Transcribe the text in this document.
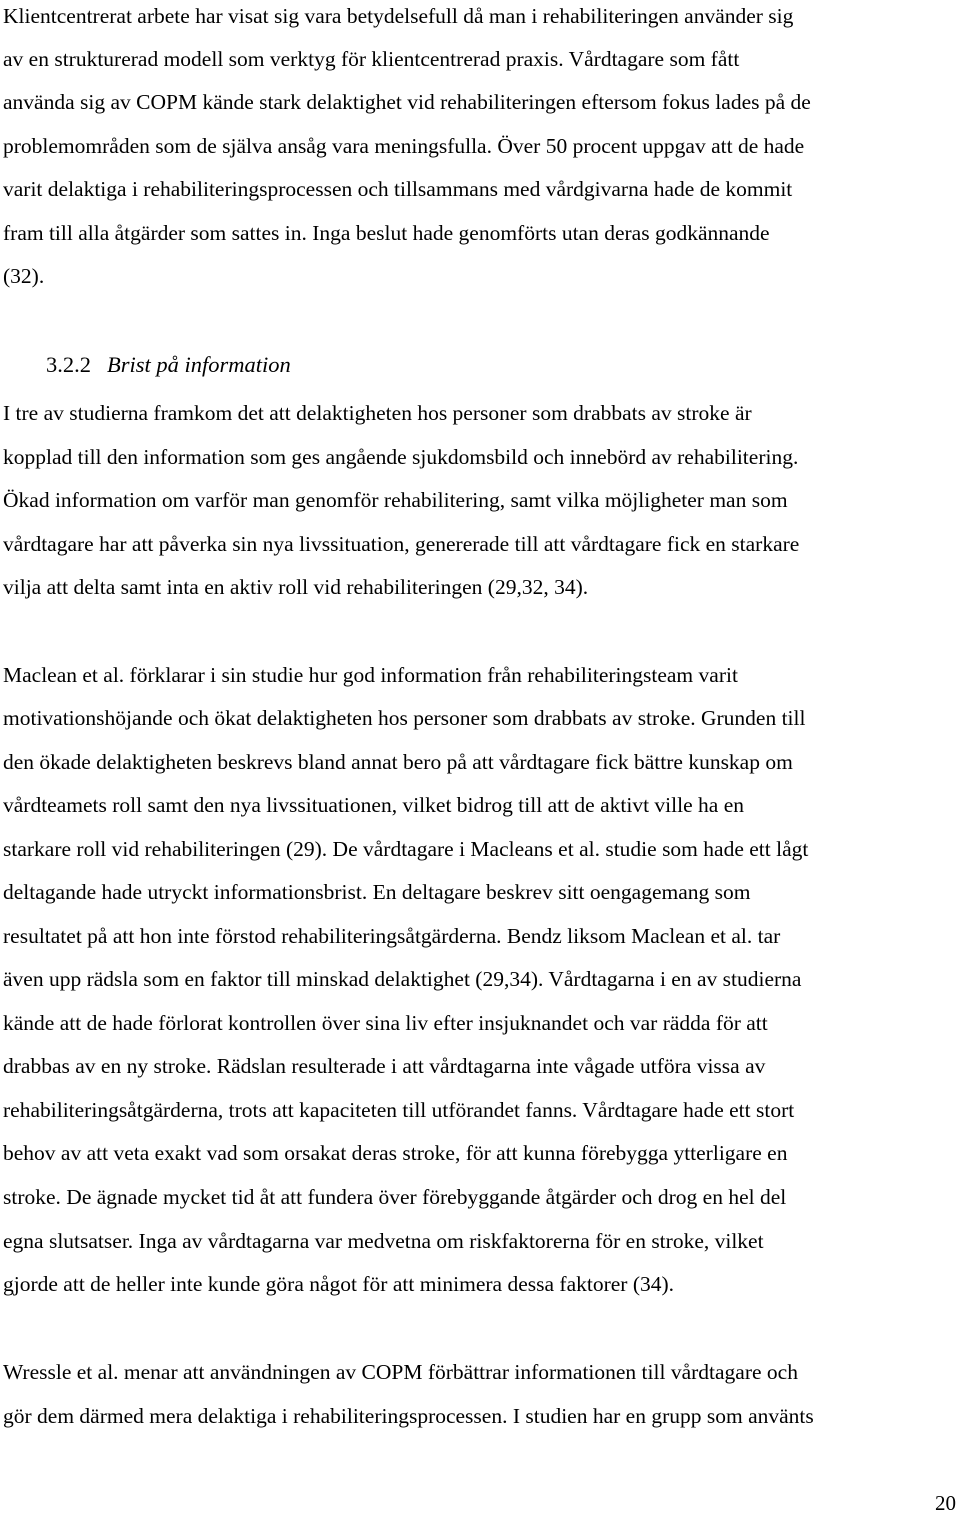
Klientcentrerat arbete har visat sig vara betydelsefull då man i rehabiliteringen använder sig
av en strukturerad modell som verktyg för klientcentrerad praxis. Vårdtagare som fått
använda sig av COPM kände stark delaktighet vid rehabiliteringen eftersom fokus lades på de
problemområden som de själva ansåg vara meningsfulla. Över 50 procent uppgav att de hade
varit delaktiga i rehabiliteringsprocessen och tillsammans med vårdgivarna hade de kommit
fram till alla åtgärder som sattes in. Inga beslut hade genomförts utan deras godkännande
(32).
3.2.2 Brist på information
I tre av studierna framkom det att delaktigheten hos personer som drabbats av stroke är
kopplad till den information som ges angående sjukdomsbild och innebörd av rehabilitering.
Ökad information om varför man genomför rehabilitering, samt vilka möjligheter man som
vårdtagare har att påverka sin nya livssituation, genererade till att vårdtagare fick en starkare
vilja att delta samt inta en aktiv roll vid rehabiliteringen (29,32, 34).
Maclean et al. förklarar i sin studie hur god information från rehabiliteringsteam varit
motivationshöjande och ökat delaktigheten hos personer som drabbats av stroke. Grunden till
den ökade delaktigheten beskrevs bland annat bero på att vårdtagare fick bättre kunskap om
vårdteamets roll samt den nya livssituationen, vilket bidrog till att de aktivt ville ha en
starkare roll vid rehabiliteringen (29). De vårdtagare i Macleans et al. studie som hade ett lågt
deltagande hade utryckt informationsbrist. En deltagare beskrev sitt oengagemang som
resultatet på att hon inte förstod rehabiliteringsåtgärderna. Bendz liksom Maclean et al. tar
även upp rädsla som en faktor till minskad delaktighet (29,34). Vårdtagarna i en av studierna
kände att de hade förlorat kontrollen över sina liv efter insjuknandet och var rädda för att
drabbas av en ny stroke. Rädslan resulterade i att vårdtagarna inte vågade utföra vissa av
rehabiliteringsåtgärderna, trots att kapaciteten till utförandet fanns. Vårdtagare hade ett stort
behov av att veta exakt vad som orsakat deras stroke, för att kunna förebygga ytterligare en
stroke. De ägnade mycket tid åt att fundera över förebyggande åtgärder och drog en hel del
egna slutsatser. Inga av vårdtagarna var medvetna om riskfaktorerna för en stroke, vilket
gjorde att de heller inte kunde göra något för att minimera dessa faktorer (34).
Wressle et al. menar att användningen av COPM förbättrar informationen till vårdtagare och
gör dem därmed mera delaktiga i rehabiliteringsprocessen. I studien har en grupp som använts
20
